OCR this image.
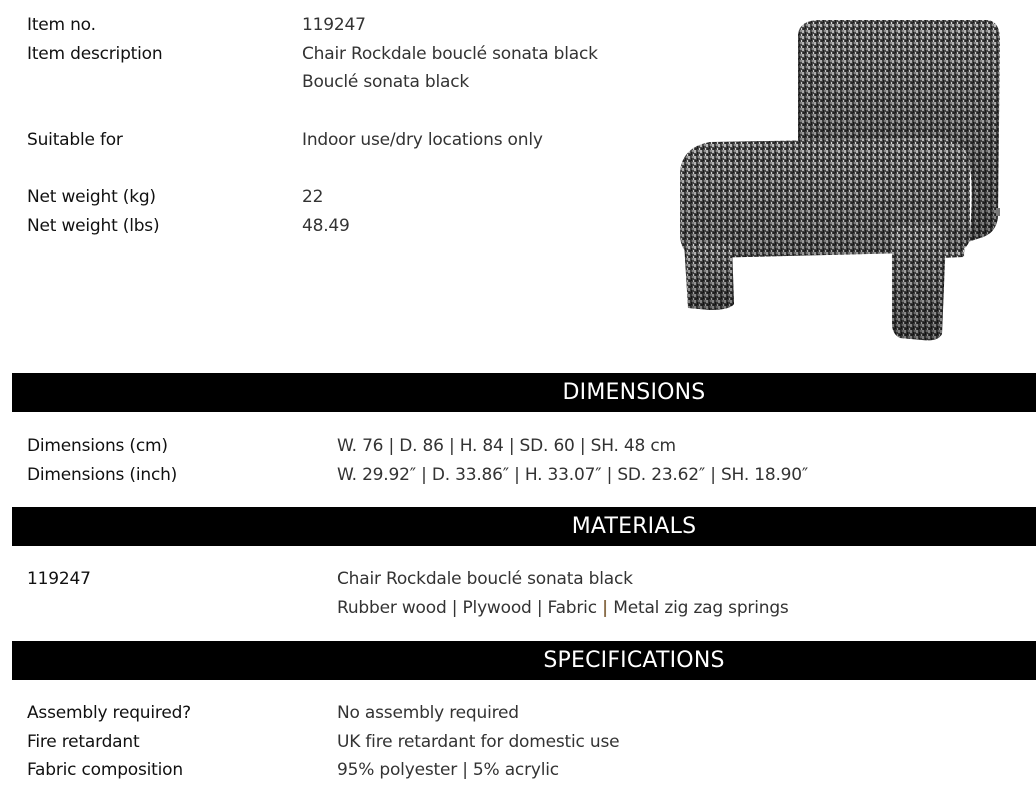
Item no.	119247
Item description	Chair Rockdale bouclé sonata black
Bouclé sonata black
Suitable for	Indoor use/dry locations only
Net weight (kg)	22
Net weight (lbs)	48.49
DIMENSIONS
Dimensions (cm)	W. 76 | D. 86 | H. 84 | SD. 60 | SH. 48 cm
Dimensions (inch)	W. 29.92″ | D. 33.86″ | H. 33.07″ | SD. 23.62″ | SH. 18.90″
MATERIALS
119247	Chair Rockdale bouclé sonata black
Rubber wood | Plywood | Fabric | Metal zig zag springs
SPECIFICATIONS
Assembly required?	No assembly required
Fire retardant	UK fire retardant for domestic use
Fabric composition	95% polyester | 5% acrylic
